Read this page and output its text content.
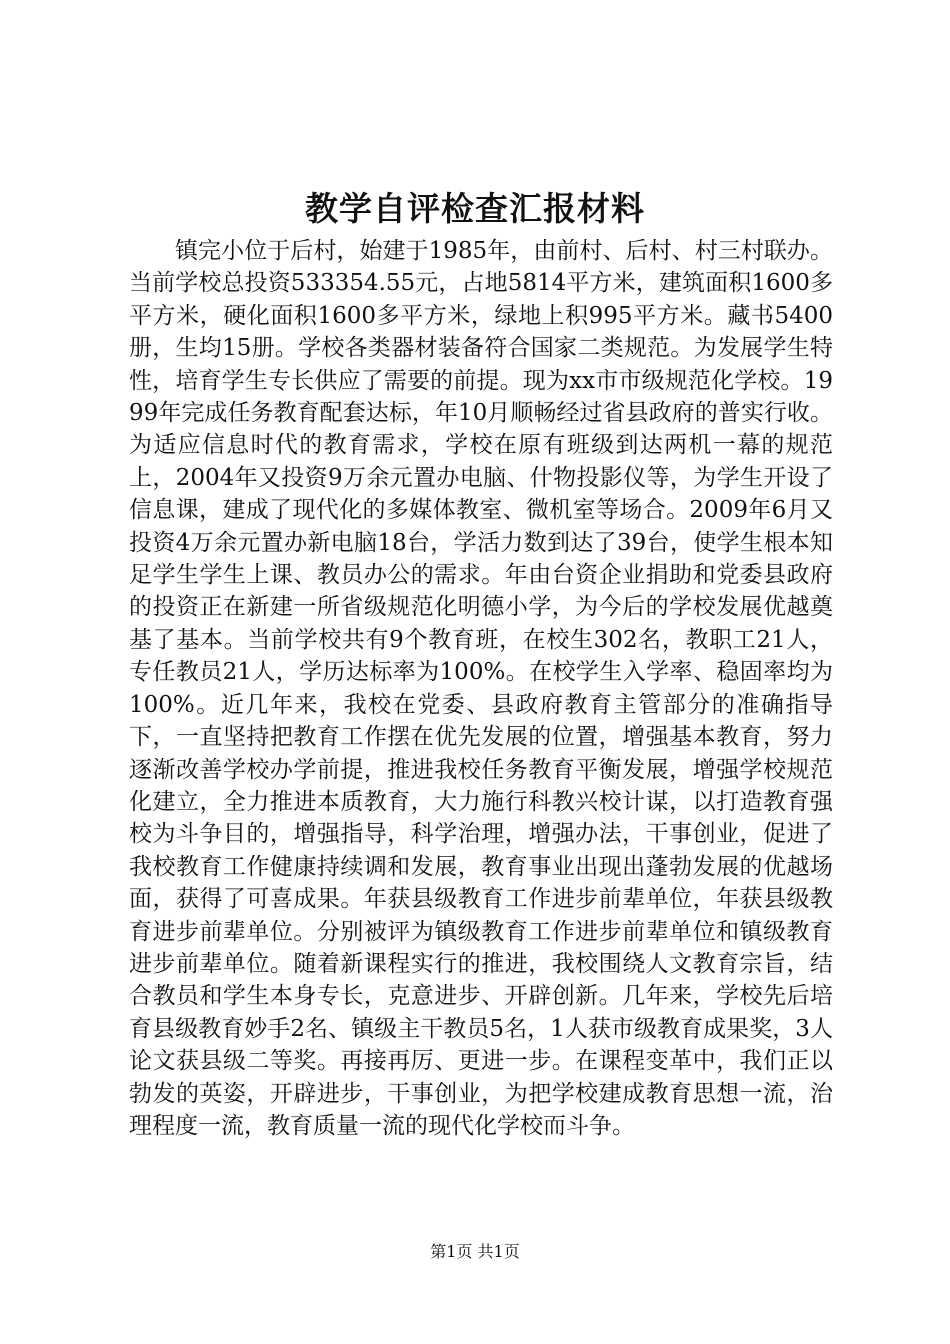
教学自评检查汇报材料

镇完小位于后村，始建于1985年，由前村、后村、村三村联办。当前学校总投资533354.55元，占地5814平方米，建筑面积1600多平方米，硬化面积1600多平方米，绿地上积995平方米。藏书5400册，生均15册。学校各类器材装备符合国家二类规范。为发展学生特性，培育学生专长供应了需要的前提。现为xx市市级规范化学校。1999年完成任务教育配套达标，年10月顺畅经过省县政府的普实行收。为适应信息时代的教育需求，学校在原有班级到达两机一幕的规范上，2004年又投资9万余元置办电脑、什物投影仪等，为学生开设了信息课，建成了现代化的多媒体教室、微机室等场合。2009年6月又投资4万余元置办新电脑18台，学活力数到达了39台，使学生根本知足学生学生上课、教员办公的需求。年由台资企业捐助和党委县政府的投资正在新建一所省级规范化明德小学，为今后的学校发展优越奠基了基本。当前学校共有9个教育班，在校生302名，教职工21人，专任教员21人，学历达标率为100%。在校学生入学率、稳固率均为100%。近几年来，我校在党委、县政府教育主管部分的准确指导下，一直坚持把教育工作摆在优先发展的位置，增强基本教育，努力逐渐改善学校办学前提，推进我校任务教育平衡发展，增强学校规范化建立，全力推进本质教育，大力施行科教兴校计谋，以打造教育强校为斗争目的，增强指导，科学治理，增强办法，干事创业，促进了我校教育工作健康持续调和发展，教育事业出现出蓬勃发展的优越场面，获得了可喜成果。年获县级教育工作进步前辈单位，年获县级教育进步前辈单位。分别被评为镇级教育工作进步前辈单位和镇级教育进步前辈单位。随着新课程实行的推进，我校围绕人文教育宗旨，结合教员和学生本身专长，克意进步、开辟创新。几年来，学校先后培育县级教育妙手2名、镇级主干教员5名，1人获市级教育成果奖，3人论文获县级二等奖。再接再厉、更进一步。在课程变革中，我们正以勃发的英姿，开辟进步，干事创业，为把学校建成教育思想一流，治理程度一流，教育质量一流的现代化学校而斗争。

第1页 共1页
